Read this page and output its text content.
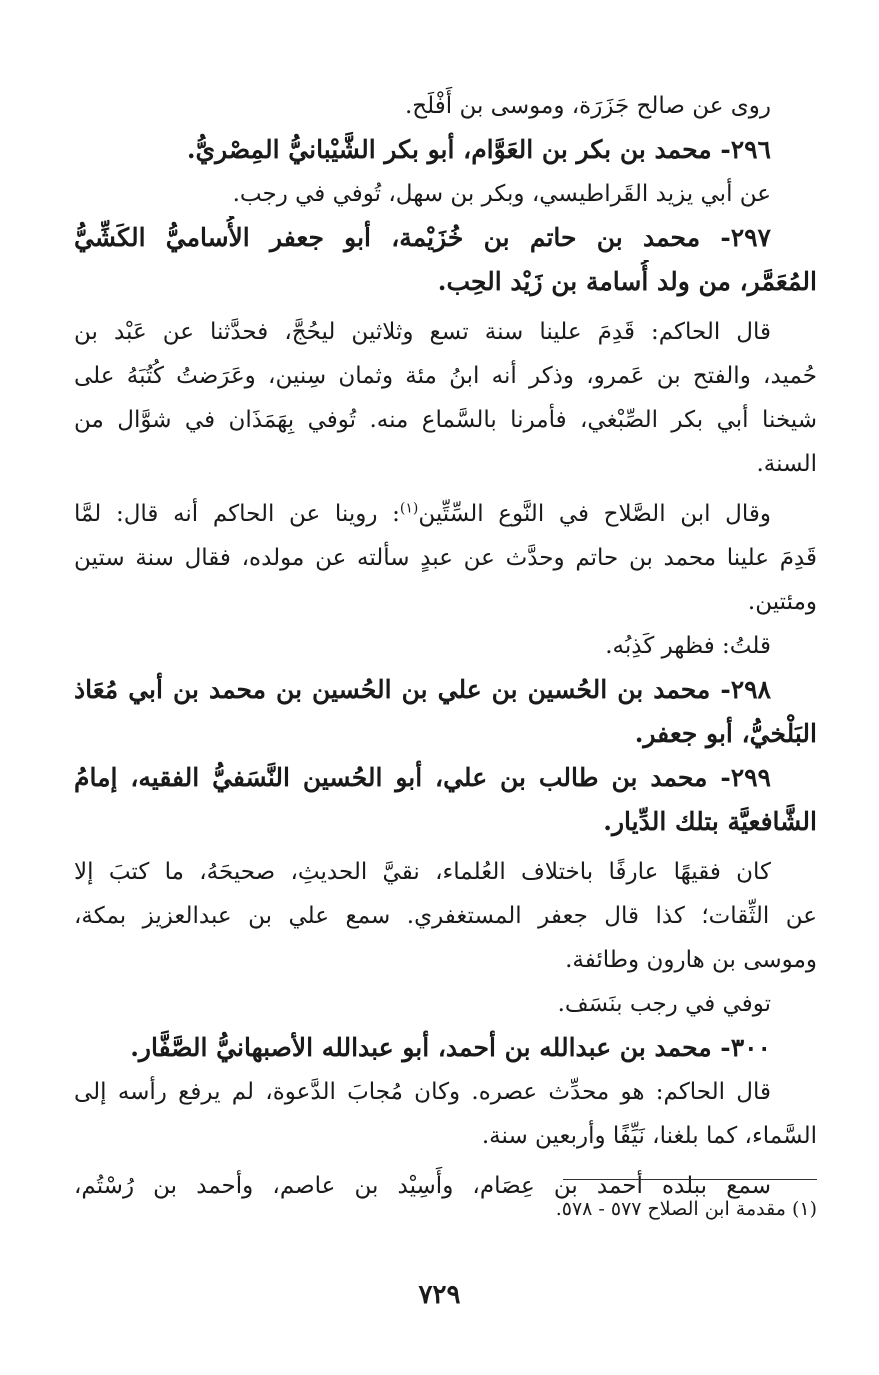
روى عن صالح جَزَرَة، وموسى بن أَفْلَح.
٢٩٦- محمد بن بكر بن العَوَّام، أبو بكر الشَّيْبانيُّ المِصْريُّ.
عن أبي يزيد القَراطيسي، وبكر بن سهل، تُوفي في رجب.
٢٩٧- محمد بن حاتم بن خُزَيْمة، أبو جعفر الأُساميُّ الكَشِّيُّ
المُعَمَّر، من ولد أُسامة بن زَيْد الحِب.
قال الحاكم: قَدِمَ علينا سنة تسع وثلاثين ليحُجَّ، فحدَّثنا عن عَبْد بن
حُميد، والفتح بن عَمرو، وذكر أنه ابنُ مئة وثمان سِنين، وعَرَضتُ كُتُبَهُ على
شيخنا أبي بكر الصِّبْغي، فأمرنا بالسَّماع منه. تُوفي بِهَمَذَان في شوَّال من
السنة.
وقال ابن الصَّلاح في النَّوع السِّتِّين$^{(١)}$: روينا عن الحاكم أنه قال: لمَّا
قَدِمَ علينا محمد بن حاتم وحدَّث عن عبدٍ سألته عن مولده، فقال سنة ستين
ومئتين.
قلتُ: فظهر كَذِبُه.
٢٩٨- محمد بن الحُسين بن علي بن الحُسين بن محمد بن أبي مُعَاذ
البَلْخيُّ، أبو جعفر.
٢٩٩- محمد بن طالب بن علي، أبو الحُسين النَّسَفيُّ الفقيه، إمامُ
الشَّافعيَّة بتلك الدِّيار.
كان فقيهًا عارفًا باختلاف العُلماء، نقيَّ الحديثِ، صحيحَهُ، ما كتبَ إلا
عن الثِّقات؛ كذا قال جعفر المستغفري. سمع علي بن عبدالعزيز بمكة،
وموسى بن هارون وطائفة.
توفي في رجب بنَسَف.
٣٠٠- محمد بن عبدالله بن أحمد، أبو عبدالله الأصبهانيُّ الصَّفَّار.
قال الحاكم: هو محدِّث عصره. وكان مُجابَ الدَّعوة، لم يرفع رأسه إلى
السَّماء، كما بلغنا، نَيِّفًا وأربعين سنة.
سمع ببلده أحمد بن عِصَام، وأَسِيْد بن عاصم، وأحمد بن رُسْتُم،
(١) مقدمة ابن الصلاح ٥٧٧ - ٥٧٨.
٧٢٩
